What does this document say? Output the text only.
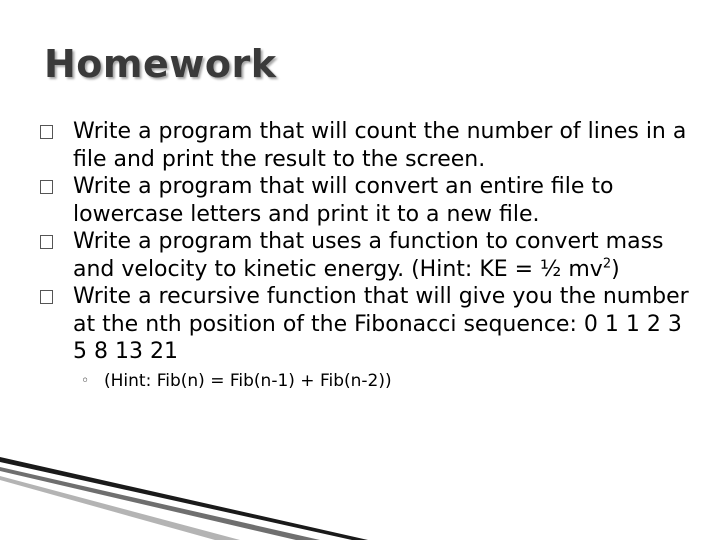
Homework
Write a program that will count the number of lines in a file and print the result to the screen.
Write a program that will convert an entire file to lowercase letters and print it to a new file.
Write a program that uses a function to convert mass and velocity to kinetic energy. (Hint: KE = ½ $mv^2$)
Write a recursive function that will give you the number at the nth position of the Fibonacci sequence: 0 1 1 2 3 5 8 13 21
◦ (Hint: Fib(n) = Fib(n-1) + Fib(n-2))
